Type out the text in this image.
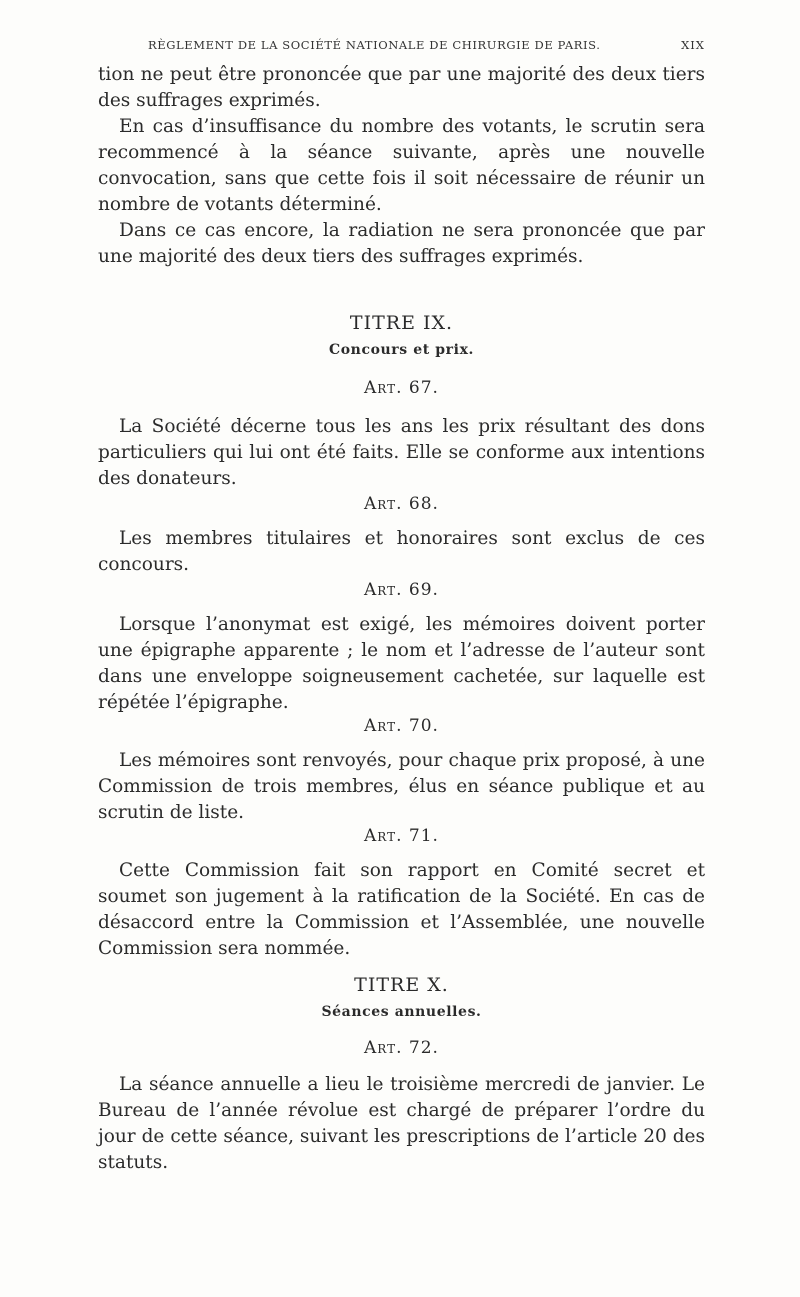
RÈGLEMENT DE LA SOCIÉTÉ NATIONALE DE CHIRURGIE DE PARIS.	XIX

tion ne peut être prononcée que par une majorité des deux tiers des suffrages exprimés.

En cas d’insuffisance du nombre des votants, le scrutin sera recommencé à la séance suivante, après une nouvelle convocation, sans que cette fois il soit nécessaire de réunir un nombre de votants déterminé.

Dans ce cas encore, la radiation ne sera prononcée que par une majorité des deux tiers des suffrages exprimés.

TITRE IX.

Concours et prix.

Art. 67.

La Société décerne tous les ans les prix résultant des dons particuliers qui lui ont été faits. Elle se conforme aux intentions des donateurs.

Art. 68.

Les membres titulaires et honoraires sont exclus de ces concours.

Art. 69.

Lorsque l’anonymat est exigé, les mémoires doivent porter une épigraphe apparente ; le nom et l’adresse de l’auteur sont dans une enveloppe soigneusement cachetée, sur laquelle est répétée l’épigraphe.

Art. 70.

Les mémoires sont renvoyés, pour chaque prix proposé, à une Commission de trois membres, élus en séance publique et au scrutin de liste.

Art. 71.

Cette Commission fait son rapport en Comité secret et soumet son jugement à la ratification de la Société. En cas de désaccord entre la Commission et l’Assemblée, une nouvelle Commission sera nommée.

TITRE X.

Séances annuelles.

Art. 72.

La séance annuelle a lieu le troisième mercredi de janvier. Le Bureau de l’année révolue est chargé de préparer l’ordre du jour de cette séance, suivant les prescriptions de l’article 20 des statuts.
